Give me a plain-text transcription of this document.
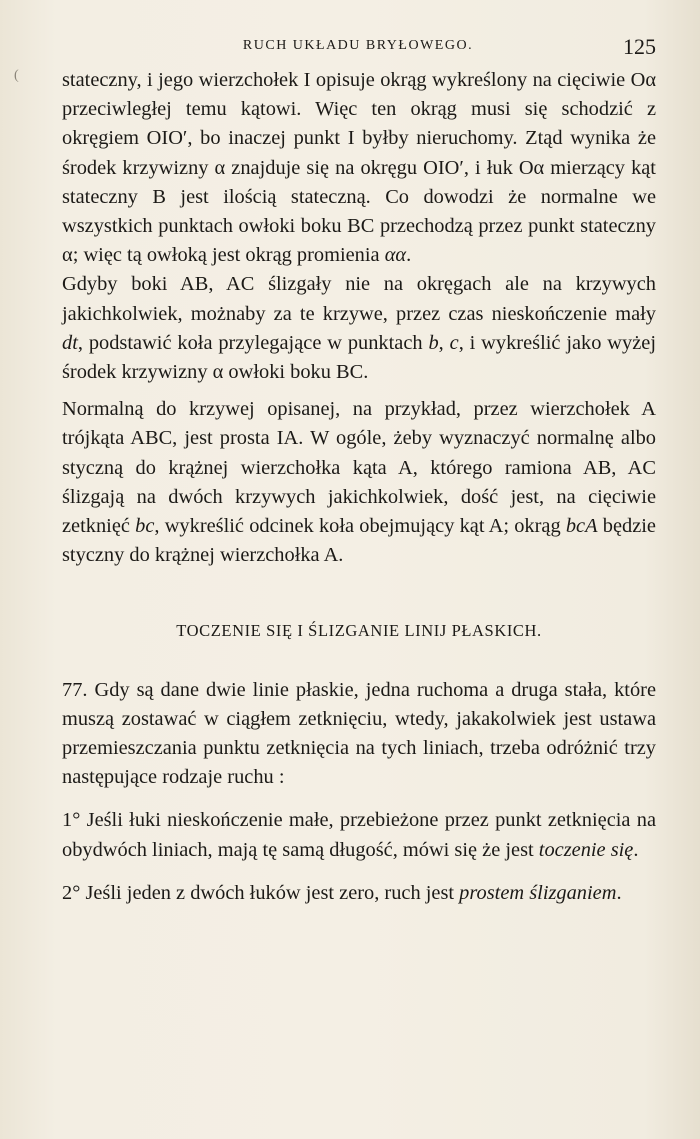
(
RUCH UKŁADU BRYŁOWEGO.	125

stateczny, i jego wierzchołek I opisuje okrąg wykreślony na cięciwie Oα przeciwległej temu kątowi. Więc ten okrąg musi się schodzić z okręgiem OIO′, bo inaczej punkt I byłby nieruchomy. Ztąd wynika że środek krzywizny α znajduje się na okręgu OIO′, i łuk Oα mierzący kąt stateczny B jest ilością stateczną. Co dowodzi że normalne we wszystkich punktach owłoki boku BC przechodzą przez punkt stateczny α; więc tą owłoką jest okrąg promienia αα.

Gdyby boki AB, AC ślizgały nie na okręgach ale na krzywych jakichkolwiek, możnaby za te krzywe, przez czas nieskończenie mały dt, podstawić koła przylegające w punktach b, c, i wykreślić jako wyżej środek krzywizny α owłoki boku BC.

Normalną do krzywej opisanej, na przykład, przez wierzchołek A trójkąta ABC, jest prosta IA. W ogóle, żeby wyznaczyć normalnę albo styczną do krążnej wierzchołka kąta A, którego ramiona AB, AC ślizgają na dwóch krzywych jakichkolwiek, dość jest, na cięciwie zetknięć bc, wykreślić odcinek koła obejmujący kąt A; okrąg bcA będzie styczny do krążnej wierzchołka A.

TOCZENIE SIĘ I ŚLIZGANIE LINIJ PŁASKICH.

77. Gdy są dane dwie linie płaskie, jedna ruchoma a druga stała, które muszą zostawać w ciągłem zetknięciu, wtedy, jakakolwiek jest ustawa przemieszczania punktu zetknięcia na tych liniach, trzeba odróżnić trzy następujące rodzaje ruchu :

1° Jeśli łuki nieskończenie małe, przebieżone przez punkt zetknięcia na obydwóch liniach, mają tę samą długość, mówi się że jest toczenie się.

2° Jeśli jeden z dwóch łuków jest zero, ruch jest prostem ślizganiem.
